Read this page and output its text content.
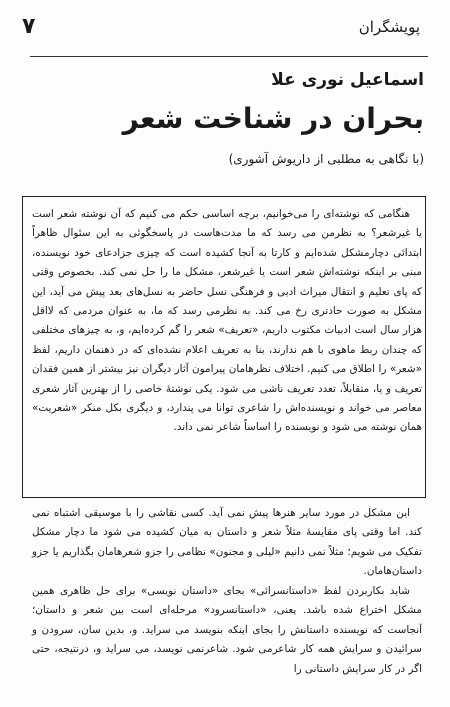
پویشگران
۷
اسماعیل نوری علا
بحران در شناخت شعر
(با نگاهی به مطلبی از داریوش آشوری)

هنگامی که نوشته‌ای را می‌خوانیم، برچه اساسی حکم می کنیم که آن نوشته شعر است یا غیرشعر؟ به نظرمن می رسد که ما مدت‌هاست در پاسخگوئی به این سئوال ظاهراً ابتدائی دچارمشکل شده‌ایم و کارتا به آنجا کشیده است که چیزی جزادعای خود نویسنده، مبنی بر اینکه نوشته‌اش شعر است یا غیرشعر، مشکل ما را حل نمی کند. بخصوص وقتی که پای تعلیم و انتقال میراث ادبی و فرهنگی نسل حاضر به نسل‌های بعد پیش می آید، این مشکل به صورت حادتری رخ می کند. به نظرمی رسد که ما، به عنوان مردمی که لااقل هزار سال است ادبیات مکتوب داریم، «تعریف» شعر را گم کرده‌ایم، و، به چیزهای مختلفی که چندان ربط ماهوی با هم ندارند، بنا به تعریف اعلام نشده‌ای که در ذهنمان داریم، لفظ «شعر» را اطلاق می کنیم. اختلاف نظرهامان پیرامون آثار دیگران نیز بیشتر از همین فقدان تعریف و یا، متقابلاً، تعدد تعریف ناشی می شود. یکی نوشتهٔ خاصی را از بهترین آثار شعری معاصر می خواند و نویسنده‌اش را شاعری توانا می پندارد، و دیگری بکل منکر «شعریت» همان نوشته می شود و نویسنده را اساساً شاعر نمی داند.

این مشکل در مورد سایر هنرها پیش نمی آید. کسی نقاشی را با موسیقی اشتباه نمی کند. اما وقتی پای مقایسهٔ مثلاً شعر و داستان به میان کشیده می شود ما دچار مشکل تفکیک می شویم؛ مثلاً نمی دانیم «لیلی و مجنون» نظامی را جزو شعرهامان بگذاریم یا جزو داستان‌هامان.

شاید بکاربردن لفظ «داستانسرائی» بجای «داستان نویسی» برای حل ظاهری همین مشکل اختراع شده باشد. یعنی، «داستانسرود» مرحله‌ای است بین شعر و داستان؛ آنجاست که نویسنده داستانش را بجای اینکه بنویسد می سراید. و، بدین سان، سرودن و سرائیدن و سرایش همه کار شاعرمی شود. شاعرنمی نویسد، می سراید و، درنتیجه، حتی اگر در کار سرایش داستانی را
